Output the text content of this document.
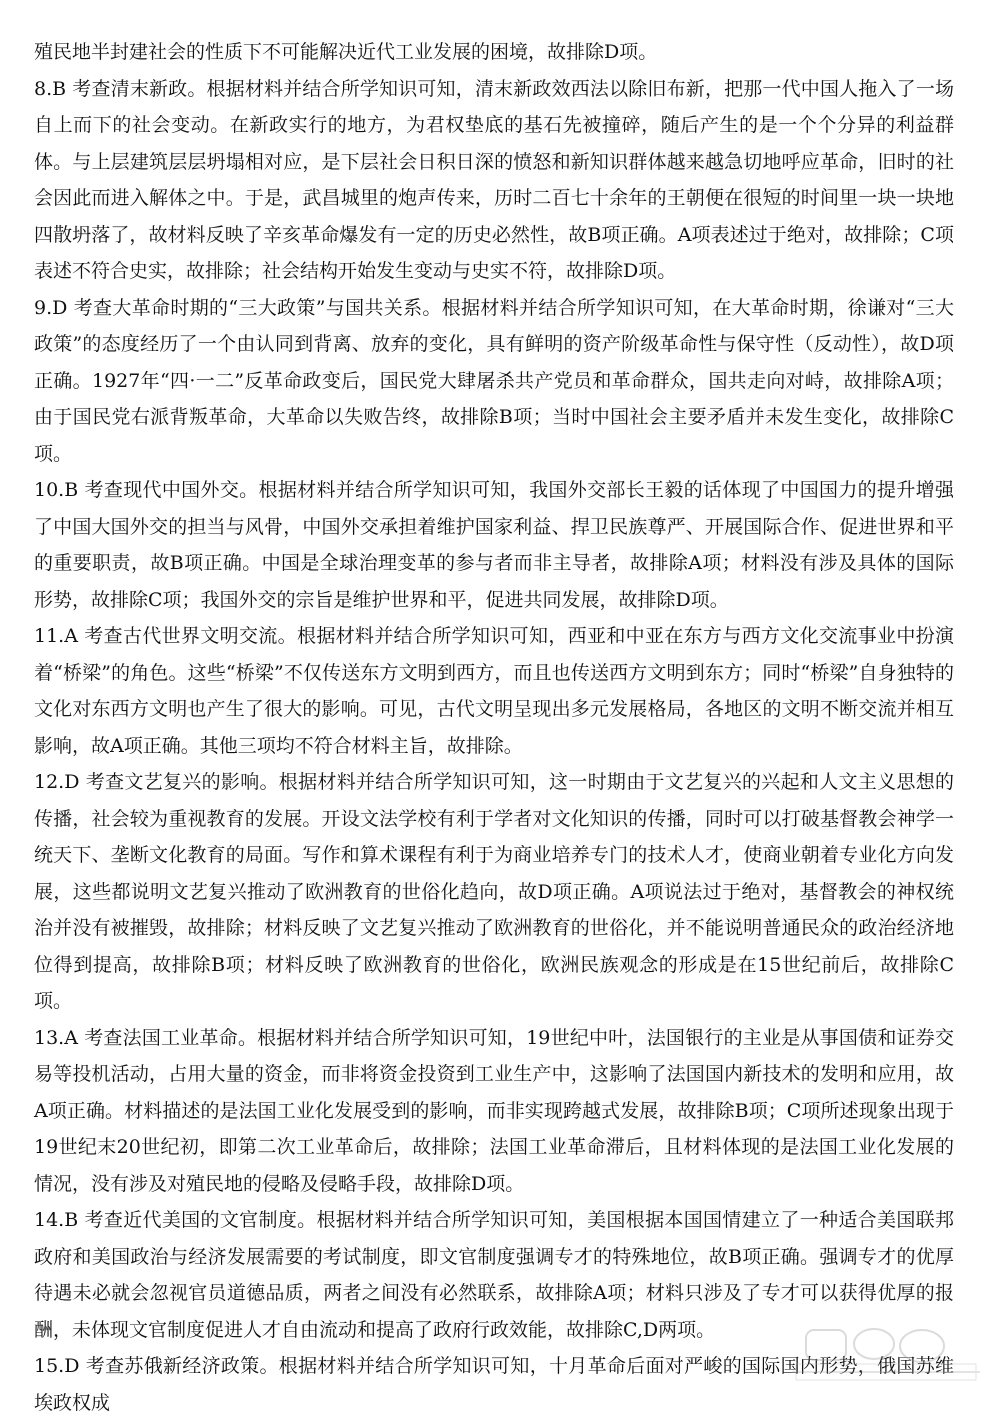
殖民地半封建社会的性质下不可能解决近代工业发展的困境，故排除D项。

8.B 考查清末新政。根据材料并结合所学知识可知，清末新政效西法以除旧布新，把那一代中国人拖入了一场自上而下的社会变动。在新政实行的地方，为君权垫底的基石先被撞碎，随后产生的是一个个分异的利益群体。与上层建筑层层坍塌相对应，是下层社会日积日深的愤怒和新知识群体越来越急切地呼应革命，旧时的社会因此而进入解体之中。于是，武昌城里的炮声传来，历时二百七十余年的王朝便在很短的时间里一块一块地四散坍落了，故材料反映了辛亥革命爆发有一定的历史必然性，故B项正确。A项表述过于绝对，故排除；C项表述不符合史实，故排除；社会结构开始发生变动与史实不符，故排除D项。

9.D 考查大革命时期的“三大政策”与国共关系。根据材料并结合所学知识可知，在大革命时期，徐谦对“三大政策”的态度经历了一个由认同到背离、放弃的变化，具有鲜明的资产阶级革命性与保守性（反动性），故D项正确。1927年“四·一二”反革命政变后，国民党大肆屠杀共产党员和革命群众，国共走向对峙，故排除A项；由于国民党右派背叛革命，大革命以失败告终，故排除B项；当时中国社会主要矛盾并未发生变化，故排除C项。

10.B 考查现代中国外交。根据材料并结合所学知识可知，我国外交部长王毅的话体现了中国国力的提升增强了中国大国外交的担当与风骨，中国外交承担着维护国家利益、捍卫民族尊严、开展国际合作、促进世界和平的重要职责，故B项正确。中国是全球治理变革的参与者而非主导者，故排除A项；材料没有涉及具体的国际形势，故排除C项；我国外交的宗旨是维护世界和平，促进共同发展，故排除D项。

11.A 考查古代世界文明交流。根据材料并结合所学知识可知，西亚和中亚在东方与西方文化交流事业中扮演着“桥梁”的角色。这些“桥梁”不仅传送东方文明到西方，而且也传送西方文明到东方；同时“桥梁”自身独特的文化对东西方文明也产生了很大的影响。可见，古代文明呈现出多元发展格局，各地区的文明不断交流并相互影响，故A项正确。其他三项均不符合材料主旨，故排除。

12.D 考查文艺复兴的影响。根据材料并结合所学知识可知，这一时期由于文艺复兴的兴起和人文主义思想的传播，社会较为重视教育的发展。开设文法学校有利于学者对文化知识的传播，同时可以打破基督教会神学一统天下、垄断文化教育的局面。写作和算术课程有利于为商业培养专门的技术人才，使商业朝着专业化方向发展，这些都说明文艺复兴推动了欧洲教育的世俗化趋向，故D项正确。A项说法过于绝对，基督教会的神权统治并没有被摧毁，故排除；材料反映了文艺复兴推动了欧洲教育的世俗化，并不能说明普通民众的政治经济地位得到提高，故排除B项；材料反映了欧洲教育的世俗化，欧洲民族观念的形成是在15世纪前后，故排除C项。

13.A 考查法国工业革命。根据材料并结合所学知识可知，19世纪中叶，法国银行的主业是从事国债和证券交易等投机活动，占用大量的资金，而非将资金投资到工业生产中，这影响了法国国内新技术的发明和应用，故A项正确。材料描述的是法国工业化发展受到的影响，而非实现跨越式发展，故排除B项；C项所述现象出现于19世纪末20世纪初，即第二次工业革命后，故排除；法国工业革命滞后，且材料体现的是法国工业化发展的情况，没有涉及对殖民地的侵略及侵略手段，故排除D项。

14.B 考查近代美国的文官制度。根据材料并结合所学知识可知，美国根据本国国情建立了一种适合美国联邦政府和美国政治与经济发展需要的考试制度，即文官制度强调专才的特殊地位，故B项正确。强调专才的优厚待遇未必就会忽视官员道德品质，两者之间没有必然联系，故排除A项；材料只涉及了专才可以获得优厚的报酬，未体现文官制度促进人才自由流动和提高了政府行政效能，故排除C,D两项。

15.D 考查苏俄新经济政策。根据材料并结合所学知识可知，十月革命后面对严峻的国际国内形势，俄国苏维埃政权成
